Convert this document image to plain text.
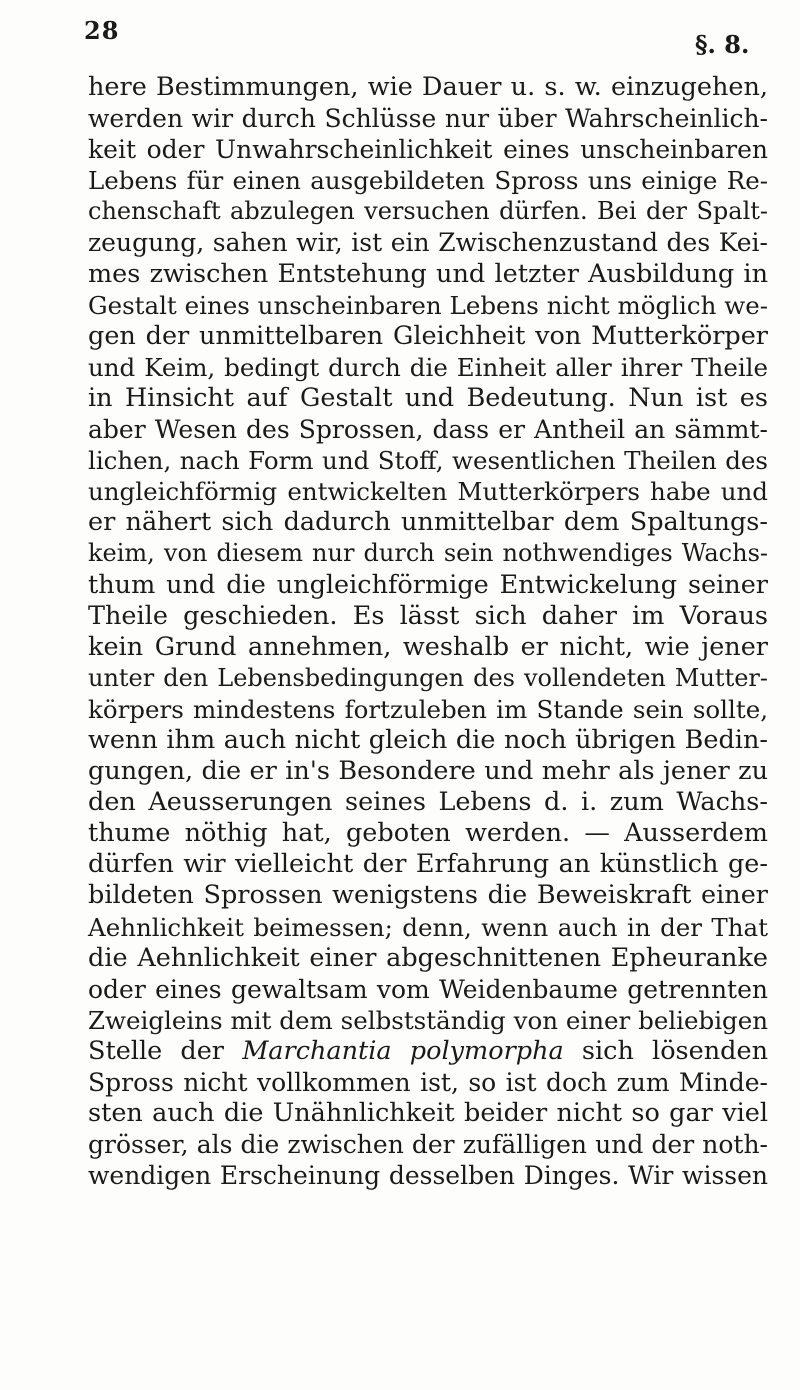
28	§. 8.
here Bestimmungen, wie Dauer u. s. w. einzugehen,
werden wir durch Schlüsse nur über Wahrscheinlich-
keit oder Unwahrscheinlichkeit eines unscheinbaren
Lebens für einen ausgebildeten Spross uns einige Re-
chenschaft abzulegen versuchen dürfen. Bei der Spalt-
zeugung, sahen wir, ist ein Zwischenzustand des Kei-
mes zwischen Entstehung und letzter Ausbildung in
Gestalt eines unscheinbaren Lebens nicht möglich we-
gen der unmittelbaren Gleichheit von Mutterkörper
und Keim, bedingt durch die Einheit aller ihrer Theile
in Hinsicht auf Gestalt und Bedeutung. Nun ist es
aber Wesen des Sprossen, dass er Antheil an sämmt-
lichen, nach Form und Stoff, wesentlichen Theilen des
ungleichförmig entwickelten Mutterkörpers habe und
er nähert sich dadurch unmittelbar dem Spaltungs-
keim, von diesem nur durch sein nothwendiges Wachs-
thum und die ungleichförmige Entwickelung seiner
Theile geschieden. Es lässt sich daher im Voraus
kein Grund annehmen, weshalb er nicht, wie jener
unter den Lebensbedingungen des vollendeten Mutter-
körpers mindestens fortzuleben im Stande sein sollte,
wenn ihm auch nicht gleich die noch übrigen Bedin-
gungen, die er in's Besondere und mehr als jener zu
den Aeusserungen seines Lebens d. i. zum Wachs-
thume nöthig hat, geboten werden. — Ausserdem
dürfen wir vielleicht der Erfahrung an künstlich ge-
bildeten Sprossen wenigstens die Beweiskraft einer
Aehnlichkeit beimessen; denn, wenn auch in der That
die Aehnlichkeit einer abgeschnittenen Epheuranke
oder eines gewaltsam vom Weidenbaume getrennten
Zweigleins mit dem selbstständig von einer beliebigen
Stelle der Marchantia polymorpha sich lösenden
Spross nicht vollkommen ist, so ist doch zum Minde-
sten auch die Unähnlichkeit beider nicht so gar viel
grösser, als die zwischen der zufälligen und der noth-
wendigen Erscheinung desselben Dinges. Wir wissen
